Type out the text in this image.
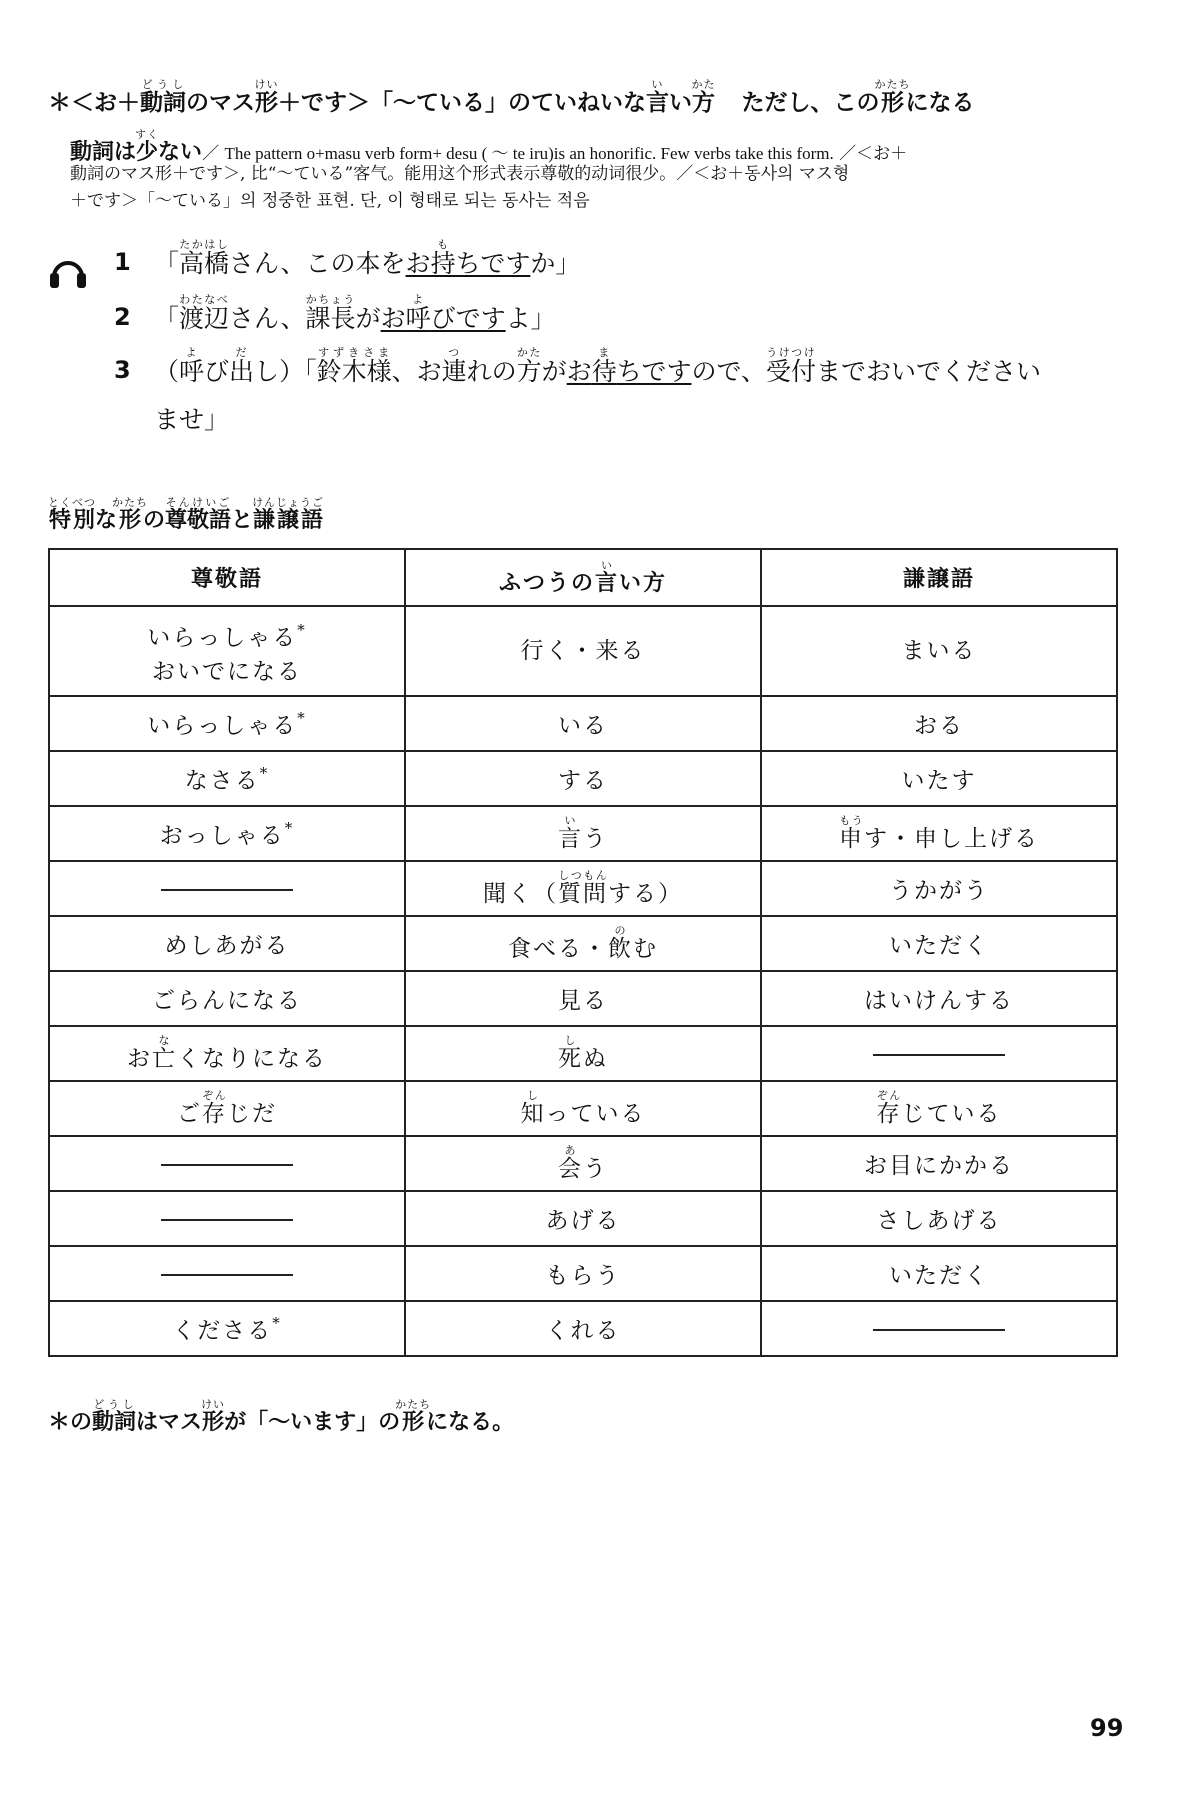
＊＜お＋動詞どうしのマス形けい＋です＞「〜ている」のていねいな言いい方かたただし、この形かたちになる
動詞は少すくない／ The pattern o+masu verb form+ desu ( ～ te iru)is an honorific. Few verbs take this form. ／＜お＋
動詞のマス形＋です＞, 比“～ている”客气。能用这个形式表示尊敬的动词很少。／＜お＋동사의 マス형
＋です＞「～ている」의 정중한 표현. 단, 이 형태로 되는 동사는 적음
1 「高橋たかはしさん、この本をお持もちですか」
2 「渡辺わたなべさん、課長かちょうがお呼よびですよ」
3 （呼よび出だし）「鈴木様すずきさま、お連つれの方かたがお待まちですので、受付うけつけまでおいでください
ませ」
特別とくべつな形かたちの尊敬語そんけいごと謙譲語けんじょうご
尊敬語	ふつうの言いい方	謙譲語
いらっしゃる*
おいでになる	行く・来る	まいる
いらっしゃる*	いる	おる
なさる*	する	いたす
おっしゃる*	言いう	申もうす・申し上げる
	聞く（質問しつもんする）	うかがう
めしあがる	食べる・飲のむ	いただく
ごらんになる	見る	はいけんする
お亡なくなりになる	死しぬ	
ご存ぞんじだ	知しっている	存ぞんじている
	会あう	お目にかかる
	あげる	さしあげる
	もらう	いただく
くださる*	くれる	
＊の動詞どうしはマス形けいが「～います」の形かたちになる。
99
